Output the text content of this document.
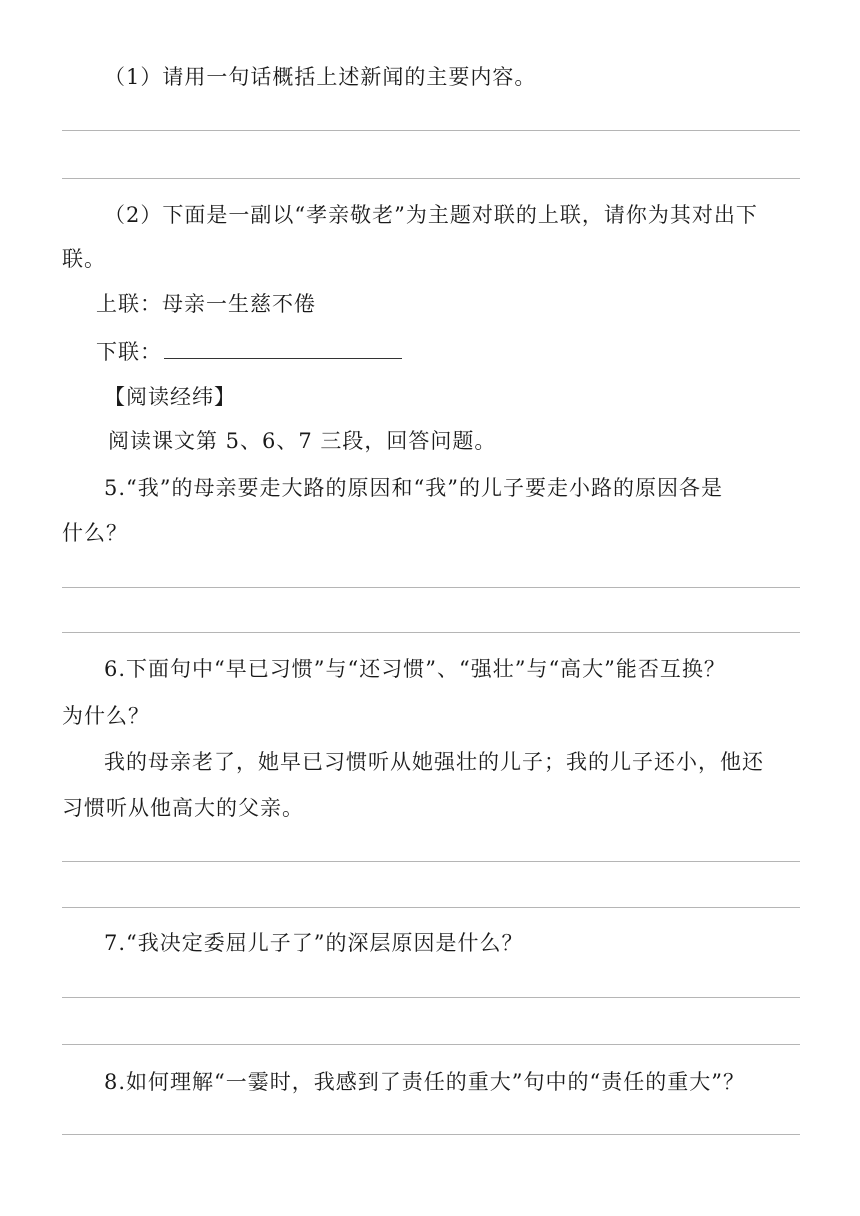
（1）请用一句话概括上述新闻的主要内容。
（2）下面是一副以“孝亲敬老”为主题对联的上联，请你为其对出下
联。
上联：母亲一生慈不倦
下联：
【阅读经纬】
阅读课文第 5、6、7 三段，回答问题。
5.“我”的母亲要走大路的原因和“我”的儿子要走小路的原因各是
什么？
6.下面句中“早已习惯”与“还习惯”、“强壮”与“高大”能否互换？
为什么？
我的母亲老了，她早已习惯听从她强壮的儿子；我的儿子还小，他还
习惯听从他高大的父亲。
7.“我决定委屈儿子了”的深层原因是什么？
8.如何理解“一霎时，我感到了责任的重大”句中的“责任的重大”？
